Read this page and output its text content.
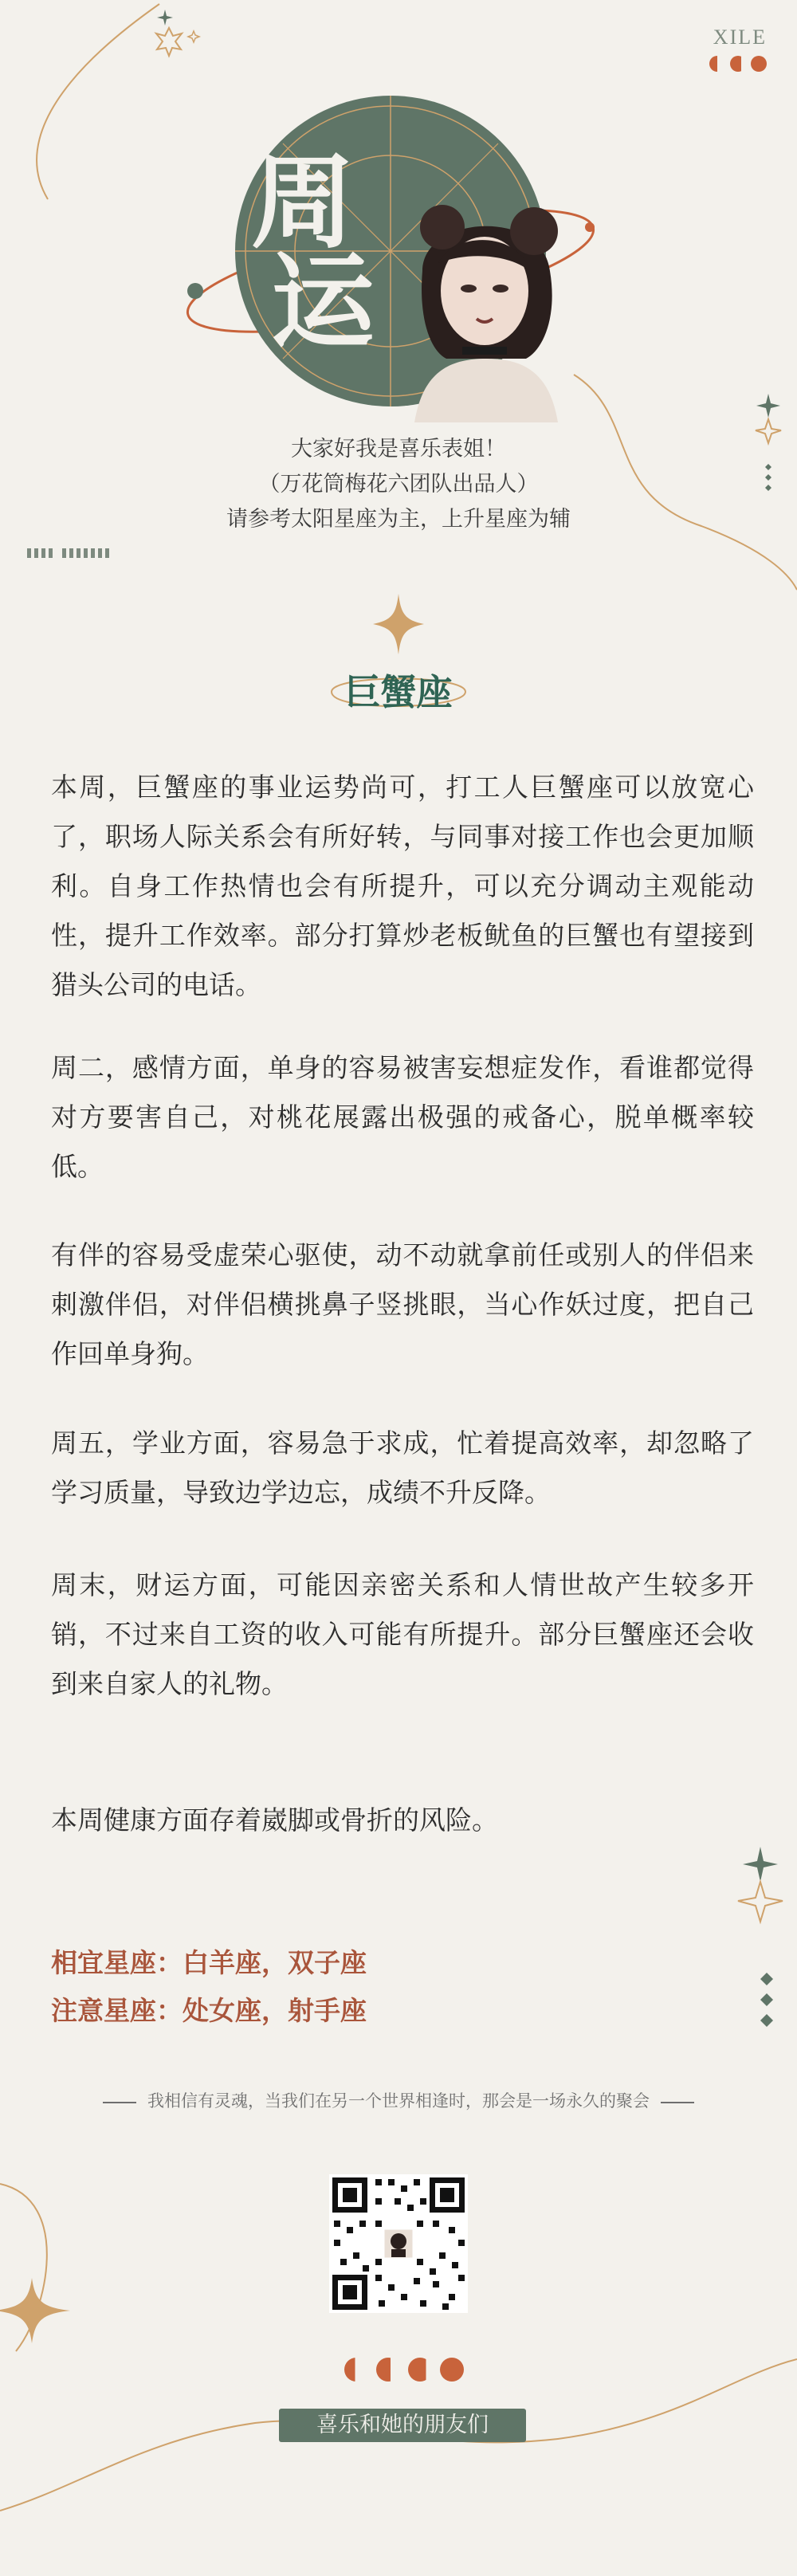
XILE
周
运
大家好我是喜乐表姐！
（万花筒梅花六团队出品人）
请参考太阳星座为主，上升星座为辅
巨蟹座
本周，巨蟹座的事业运势尚可，打工人巨蟹座可以放宽心了，职场人际关系会有所好转，与同事对接工作也会更加顺利。自身工作热情也会有所提升，可以充分调动主观能动性，提升工作效率。部分打算炒老板鱿鱼的巨蟹也有望接到猎头公司的电话。
周二，感情方面，单身的容易被害妄想症发作，看谁都觉得对方要害自己，对桃花展露出极强的戒备心，脱单概率较低。
有伴的容易受虚荣心驱使，动不动就拿前任或别人的伴侣来刺激伴侣，对伴侣横挑鼻子竖挑眼，当心作妖过度，把自己作回单身狗。
周五，学业方面，容易急于求成，忙着提高效率，却忽略了学习质量，导致边学边忘，成绩不升反降。
周末，财运方面，可能因亲密关系和人情世故产生较多开销，不过来自工资的收入可能有所提升。部分巨蟹座还会收到来自家人的礼物。
本周健康方面存着崴脚或骨折的风险。
相宜星座：白羊座，双子座
注意星座：处女座，射手座
我相信有灵魂，当我们在另一个世界相逢时，那会是一场永久的聚会
喜乐和她的朋友们
